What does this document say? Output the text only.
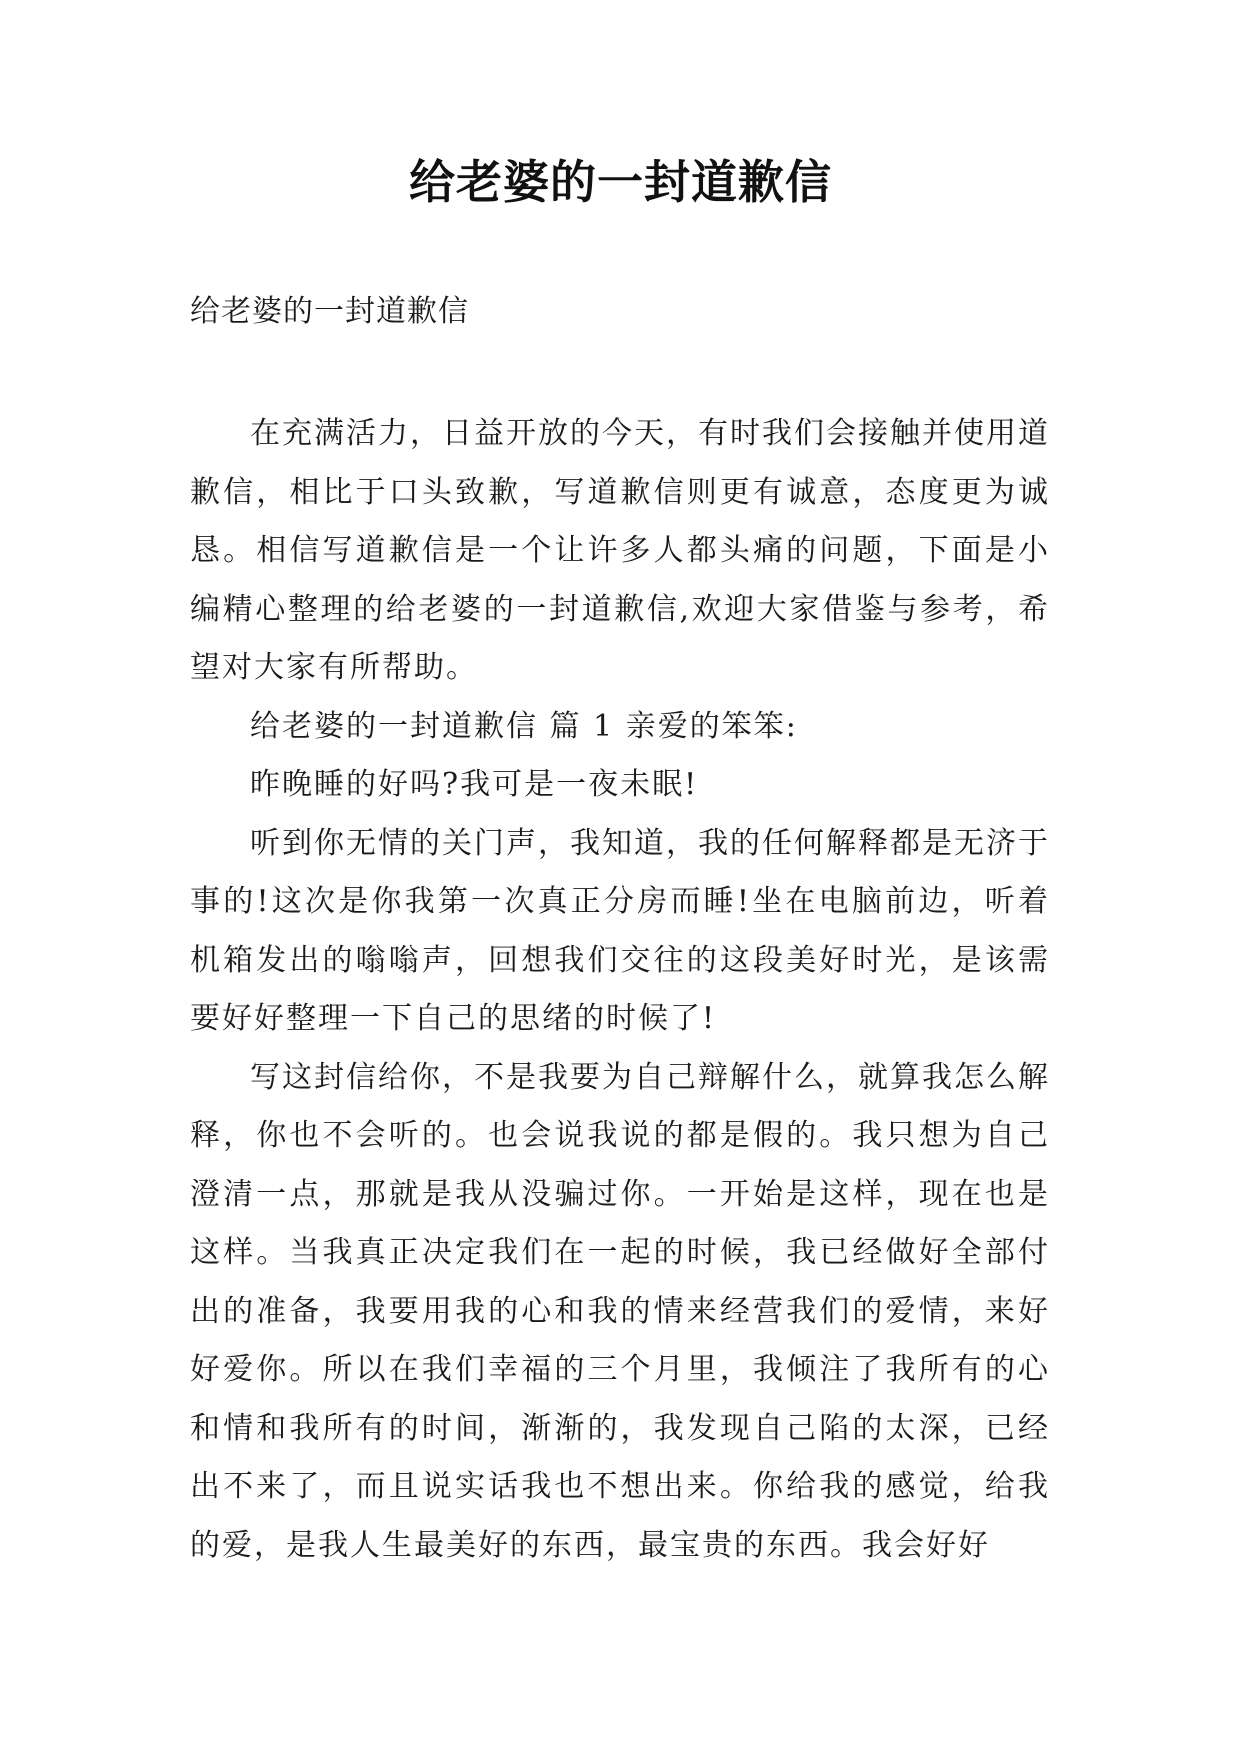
给老婆的一封道歉信
给老婆的一封道歉信

在充满活力，日益开放的今天，有时我们会接触并使用道歉信，相比于口头致歉，写道歉信则更有诚意，态度更为诚恳。相信写道歉信是一个让许多人都头痛的问题，下面是小编精心整理的给老婆的一封道歉信,欢迎大家借鉴与参考，希望对大家有所帮助。

给老婆的一封道歉信 篇 1 亲爱的笨笨:

昨晚睡的好吗?我可是一夜未眠!

听到你无情的关门声，我知道，我的任何解释都是无济于事的!这次是你我第一次真正分房而睡!坐在电脑前边，听着机箱发出的嗡嗡声，回想我们交往的这段美好时光，是该需要好好整理一下自己的思绪的时候了!

写这封信给你，不是我要为自己辩解什么，就算我怎么解释，你也不会听的。也会说我说的都是假的。我只想为自己澄清一点，那就是我从没骗过你。一开始是这样，现在也是这样。当我真正决定我们在一起的时候，我已经做好全部付出的准备，我要用我的心和我的情来经营我们的爱情，来好好爱你。所以在我们幸福的三个月里，我倾注了我所有的心和情和我所有的时间，渐渐的，我发现自己陷的太深，已经出不来了，而且说实话我也不想出来。你给我的感觉，给我的爱，是我人生最美好的东西，最宝贵的东西。我会好好
